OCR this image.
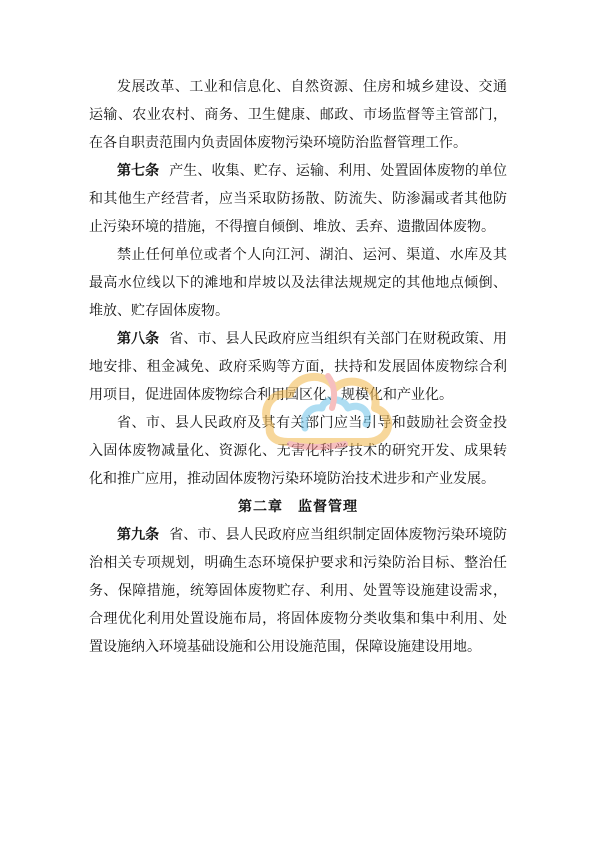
发展改革、工业和信息化、自然资源、住房和城乡建设、交通运输、农业农村、商务、卫生健康、邮政、市场监督等主管部门，在各自职责范围内负责固体废物污染环境防治监督管理工作。

第七条 产生、收集、贮存、运输、利用、处置固体废物的单位和其他生产经营者，应当采取防扬散、防流失、防渗漏或者其他防止污染环境的措施，不得擅自倾倒、堆放、丢弃、遗撒固体废物。

禁止任何单位或者个人向江河、湖泊、运河、渠道、水库及其最高水位线以下的滩地和岸坡以及法律法规规定的其他地点倾倒、堆放、贮存固体废物。

第八条 省、市、县人民政府应当组织有关部门在财税政策、用地安排、租金减免、政府采购等方面，扶持和发展固体废物综合利用项目，促进固体废物综合利用园区化、规模化和产业化。

省、市、县人民政府及其有关部门应当引导和鼓励社会资金投入固体废物减量化、资源化、无害化科学技术的研究开发、成果转化和推广应用，推动固体废物污染环境防治技术进步和产业发展。

第二章　监督管理

第九条 省、市、县人民政府应当组织制定固体废物污染环境防治相关专项规划，明确生态环境保护要求和污染防治目标、整治任务、保障措施，统筹固体废物贮存、利用、处置等设施建设需求，合理优化利用处置设施布局，将固体废物分类收集和集中利用、处置设施纳入环境基础设施和公用设施范围，保障设施建设用地。
